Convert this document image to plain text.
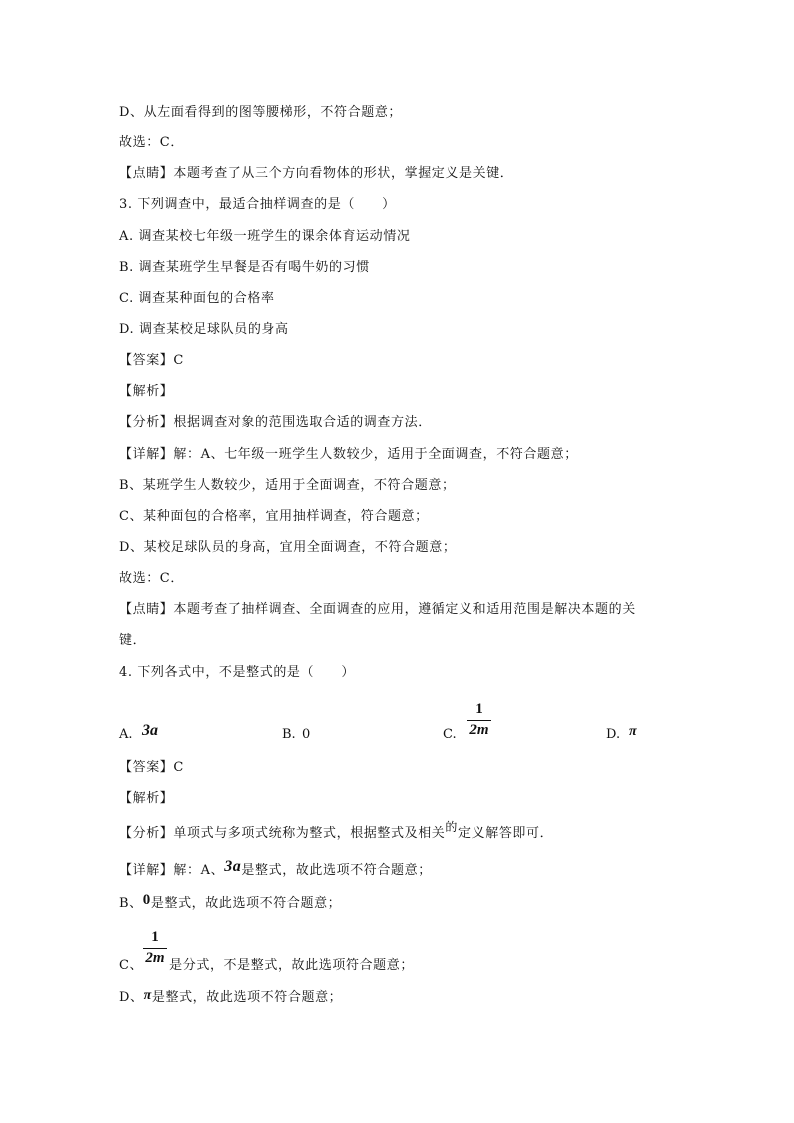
D、从左面看得到的图等腰梯形，不符合题意；
故选：C．
【点睛】本题考查了从三个方向看物体的形状，掌握定义是关键．
3. 下列调查中，最适合抽样调查的是（　　）
A. 调查某校七年级一班学生的课余体育运动情况
B. 调查某班学生早餐是否有喝牛奶的习惯
C. 调查某种面包的合格率
D. 调查某校足球队员的身高
【答案】C
【解析】
【分析】根据调查对象的范围选取合适的调查方法．
【详解】解：A、七年级一班学生人数较少，适用于全面调查，不符合题意；
B、某班学生人数较少，适用于全面调查，不符合题意；
C、某种面包的合格率，宜用抽样调查，符合题意；
D、某校足球队员的身高，宜用全面调查，不符合题意；
故选：C．
【点睛】本题考查了抽样调查、全面调查的应用，遵循定义和适用范围是解决本题的关
键．
4. 下列各式中，不是整式的是（　　）
A. 3a	B. 0	C.
1
2m	D. π
【答案】C
【解析】
【分析】单项式与多项式统称为整式，根据整式及相关的定义解答即可．
【详解】解：A、3a是整式，故此选项不符合题意；
B、0是整式，故此选项不符合题意；
1
2m
C、 是分式，不是整式，故此选项符合题意；
D、π是整式，故此选项不符合题意；
